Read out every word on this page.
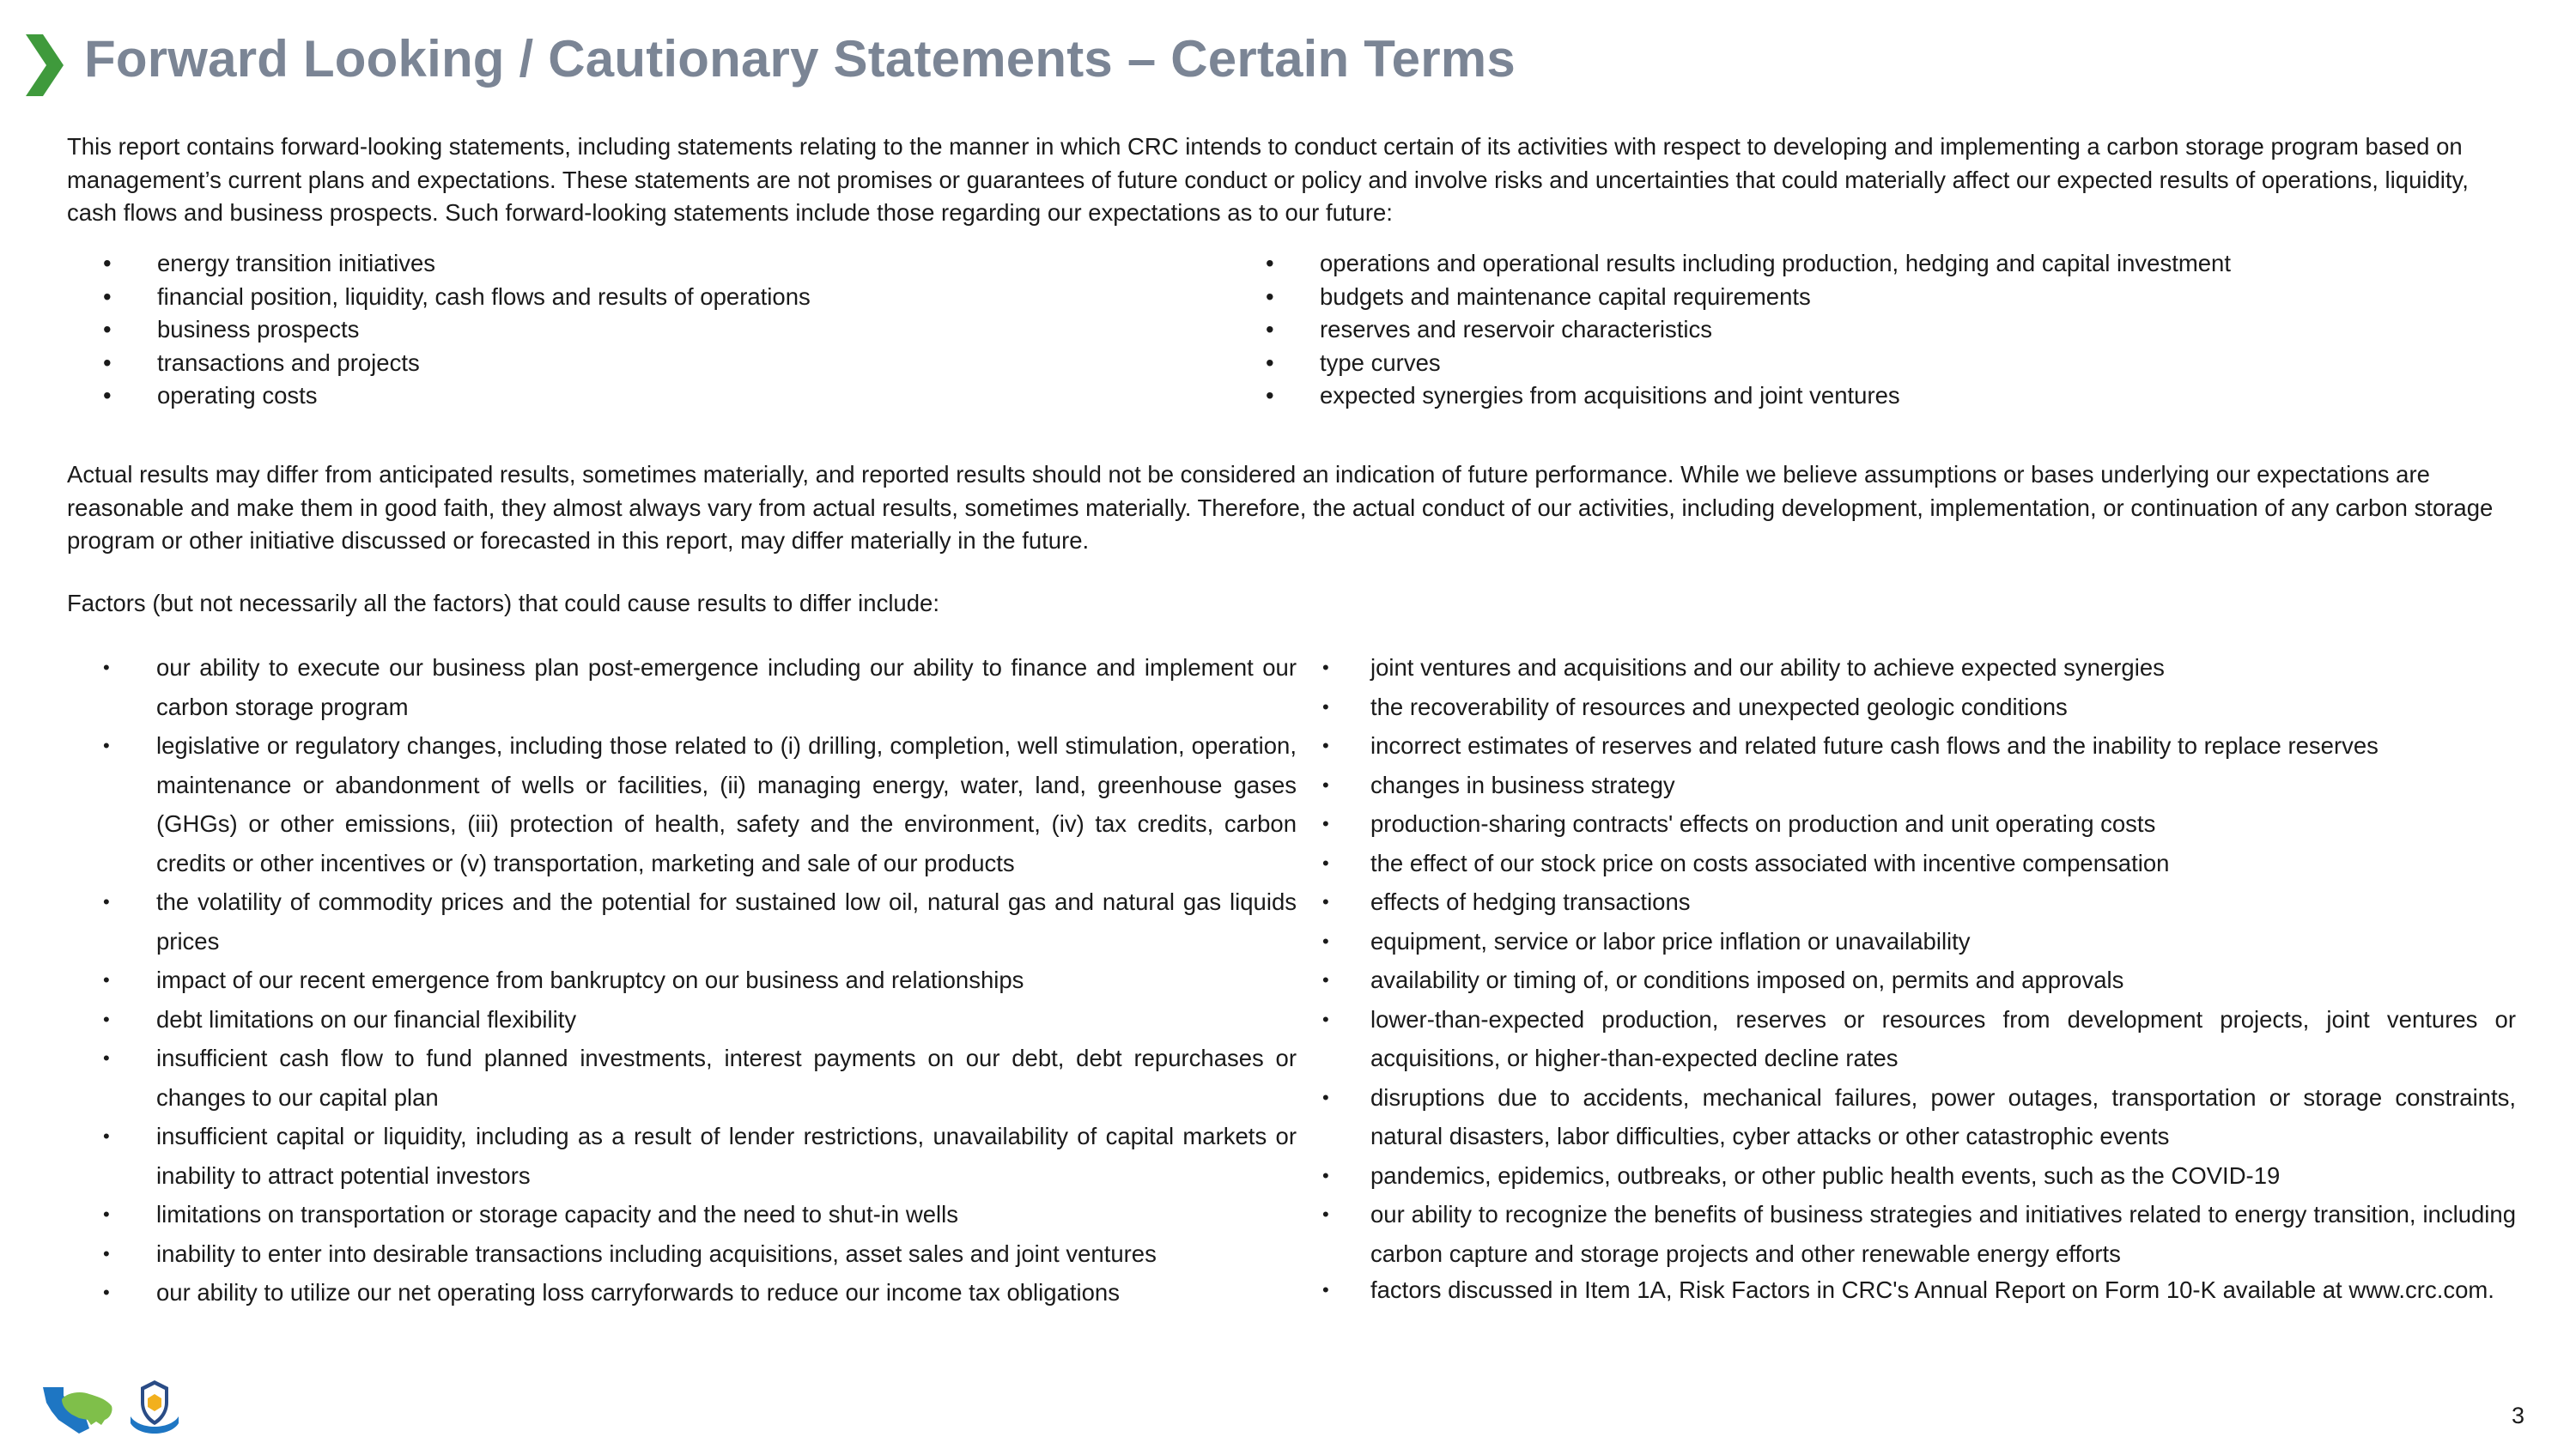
Forward Looking / Cautionary Statements – Certain Terms

This report contains forward-looking statements, including statements relating to the manner in which CRC intends to conduct certain of its activities with respect to developing and implementing a carbon storage program based on management’s current plans and expectations. These statements are not promises or guarantees of future conduct or policy and involve risks and uncertainties that could materially affect our expected results of operations, liquidity, cash flows and business prospects. Such forward-looking statements include those regarding our expectations as to our future:

• energy transition initiatives
• financial position, liquidity, cash flows and results of operations
• business prospects
• transactions and projects
• operating costs
• operations and operational results including production, hedging and capital investment
• budgets and maintenance capital requirements
• reserves and reservoir characteristics
• type curves
• expected synergies from acquisitions and joint ventures

Actual results may differ from anticipated results, sometimes materially, and reported results should not be considered an indication of future performance. While we believe assumptions or bases underlying our expectations are reasonable and make them in good faith, they almost always vary from actual results, sometimes materially. Therefore, the actual conduct of our activities, including development, implementation, or continuation of any carbon storage program or other initiative discussed or forecasted in this report, may differ materially in the future.

Factors (but not necessarily all the factors) that could cause results to differ include:

• our ability to execute our business plan post-emergence including our ability to finance and implement our carbon storage program
• legislative or regulatory changes, including those related to (i) drilling, completion, well stimulation, operation, maintenance or abandonment of wells or facilities, (ii) managing energy, water, land, greenhouse gases (GHGs) or other emissions, (iii) protection of health, safety and the environment, (iv) tax credits, carbon credits or other incentives or (v) transportation, marketing and sale of our products
• the volatility of commodity prices and the potential for sustained low oil, natural gas and natural gas liquids prices
• impact of our recent emergence from bankruptcy on our business and relationships
• debt limitations on our financial flexibility
• insufficient cash flow to fund planned investments, interest payments on our debt, debt repurchases or changes to our capital plan
• insufficient capital or liquidity, including as a result of lender restrictions, unavailability of capital markets or inability to attract potential investors
• limitations on transportation or storage capacity and the need to shut-in wells
• inability to enter into desirable transactions including acquisitions, asset sales and joint ventures
• our ability to utilize our net operating loss carryforwards to reduce our income tax obligations
• joint ventures and acquisitions and our ability to achieve expected synergies
• the recoverability of resources and unexpected geologic conditions
• incorrect estimates of reserves and related future cash flows and the inability to replace reserves
• changes in business strategy
• production-sharing contracts' effects on production and unit operating costs
• the effect of our stock price on costs associated with incentive compensation
• effects of hedging transactions
• equipment, service or labor price inflation or unavailability
• availability or timing of, or conditions imposed on, permits and approvals
• lower-than-expected production, reserves or resources from development projects, joint ventures or acquisitions, or higher-than-expected decline rates
• disruptions due to accidents, mechanical failures, power outages, transportation or storage constraints, natural disasters, labor difficulties, cyber attacks or other catastrophic events
• pandemics, epidemics, outbreaks, or other public health events, such as the COVID-19
• our ability to recognize the benefits of business strategies and initiatives related to energy transition, including carbon capture and storage projects and other renewable energy efforts
• factors discussed in Item 1A, Risk Factors in CRC's Annual Report on Form 10-K available at www.crc.com.
3
